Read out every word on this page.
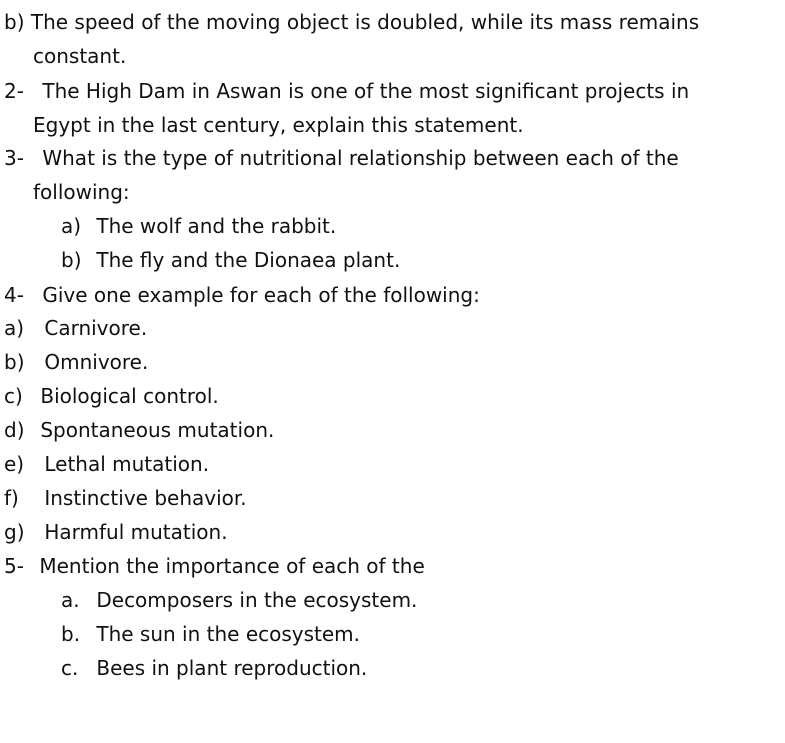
b) The speed of the moving object is doubled, while its mass remains
constant.
2- The High Dam in Aswan is one of the most significant projects in
Egypt in the last century, explain this statement.
3- What is the type of nutritional relationship between each of the
following:
a) The wolf and the rabbit.
b) The fly and the Dionaea plant.
4- Give one example for each of the following:
a) Carnivore.
b) Omnivore.
c) Biological control.
d) Spontaneous mutation.
e) Lethal mutation.
f) Instinctive behavior.
g) Harmful mutation.
5- Mention the importance of each of the
a. Decomposers in the ecosystem.
b. The sun in the ecosystem.
c. Bees in plant reproduction.
